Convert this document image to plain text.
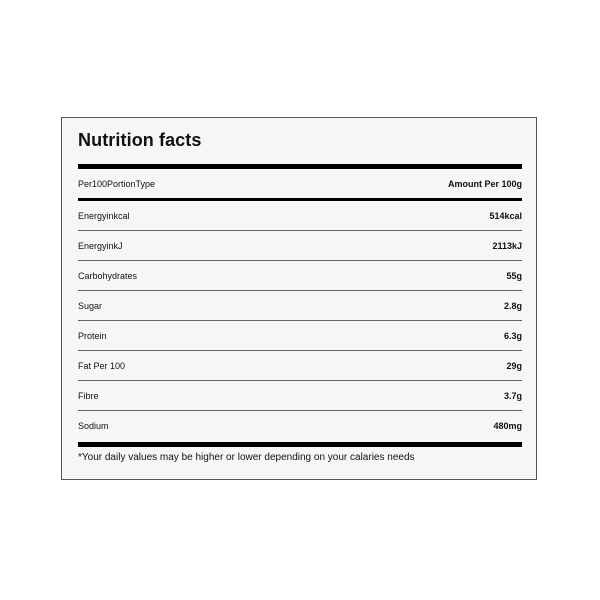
Nutrition facts
Per100PortionType	Amount Per 100g
Energyinkcal	514kcal
EnergyinkJ	2113kJ
Carbohydrates	55g
Sugar	2.8g
Protein	6.3g
Fat Per 100	29g
Fibre	3.7g
Sodium	480mg
*Your daily values may be higher or lower depending on your calaries needs
